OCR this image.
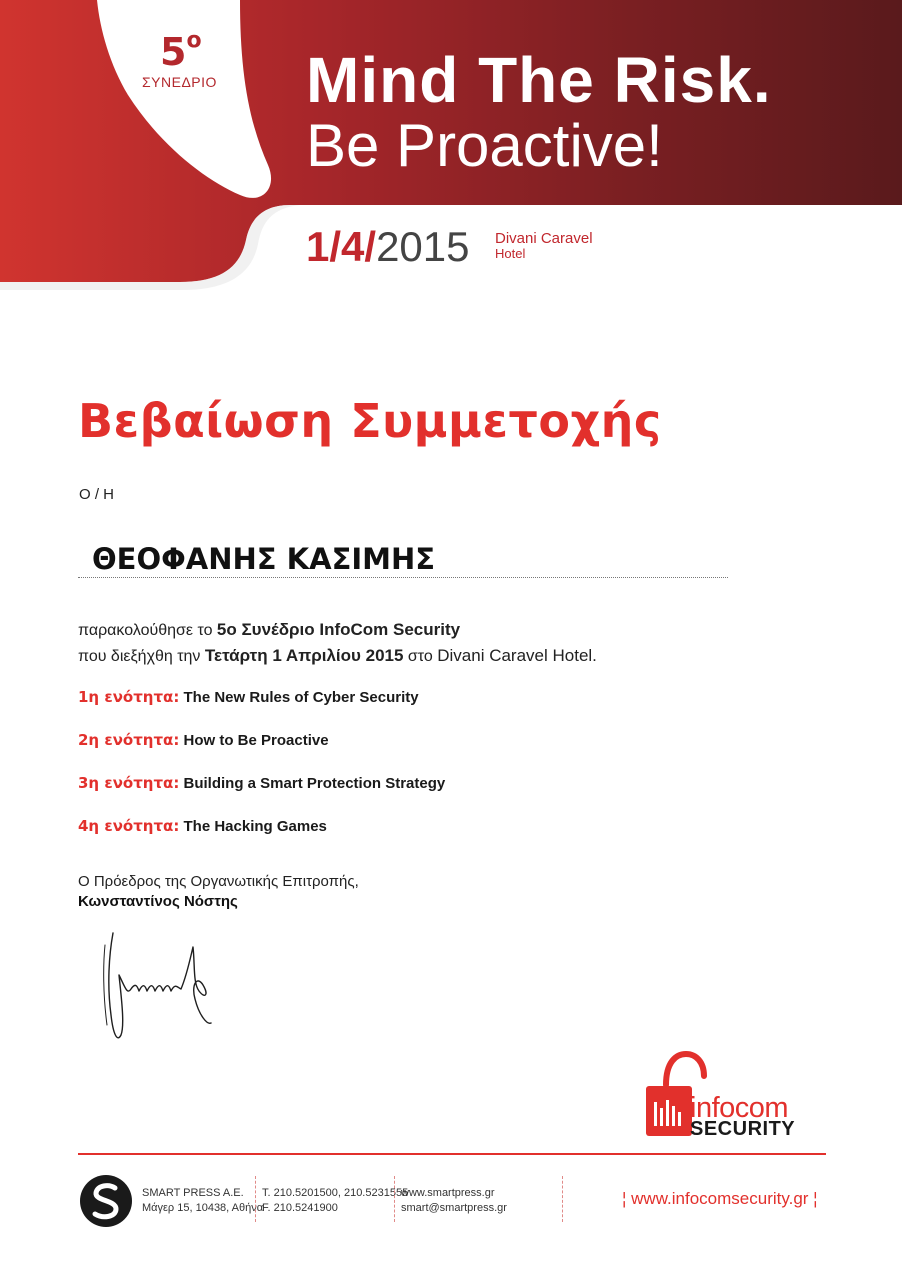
$5^o$
ΣΥΝΕΔΡΙΟ Mind The Risk.
Be Proactive!
1/4/2015 Divani Caravel
Hotel
Βεβαίωση Συμμετοχής
Ο / Η
ΘΕΟΦΑΝΗΣ ΚΑΣΙΜΗΣ
παρακολούθησε το 5ο Συνέδριο InfoCom Security
που διεξήχθη την Τετάρτη 1 Απριλίου 2015 στο Divani Caravel Hotel.
1η ενότητα: The New Rules of Cyber Security
2η ενότητα: How to Be Proactive
3η ενότητα: Building a Smart Protection Strategy
4η ενότητα: The Hacking Games
Ο Πρόεδρος της Οργανωτικής Επιτροπής,
Κωνσταντίνος Νόστης
infocom
SECURITY
SMART PRESS A.E.
Μάγερ 15, 10438, Αθήνα
T. 210.5201500, 210.5231555
F. 210.5241900
www.smartpress.gr
smart@smartpress.gr	¦ www.infocomsecurity.gr ¦
